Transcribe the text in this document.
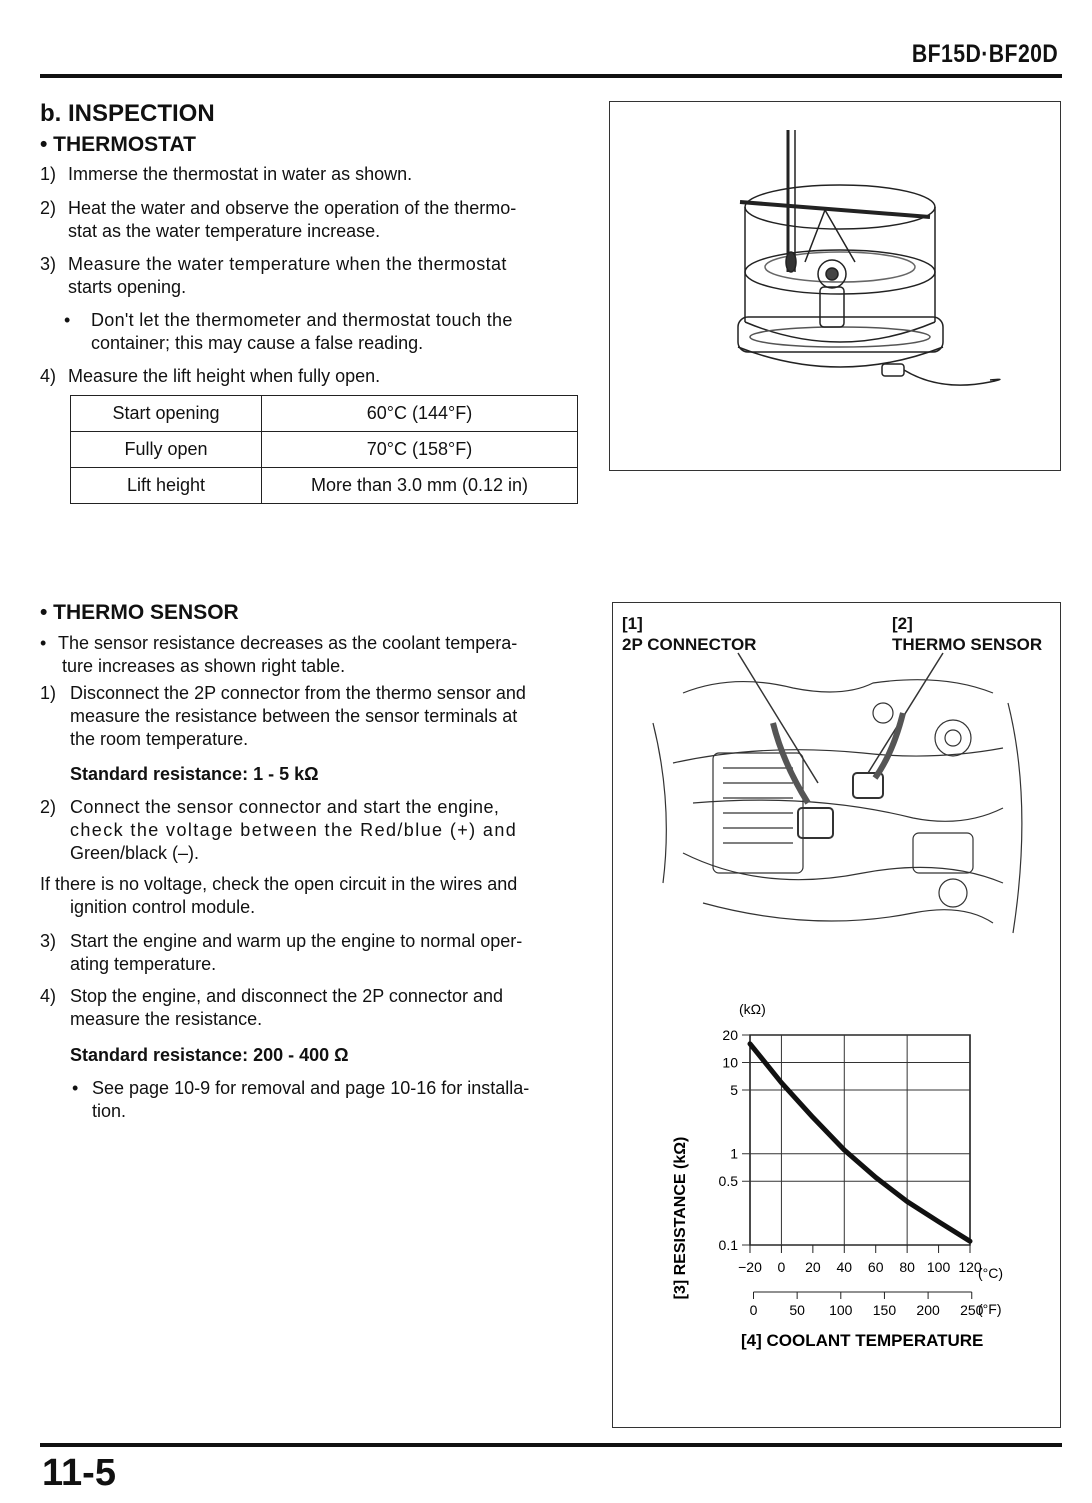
BF15D·BF20D
b. INSPECTION
• THERMOSTAT
1) Immerse the thermostat in water as shown.
2) Heat the water and observe the operation of the thermo-
stat as the water temperature increase.
3) Measure the water temperature when the thermostat
starts opening.
• Don't let the thermometer and thermostat touch the
container; this may cause a false reading.
4) Measure the lift height when fully open.
Start opening	60°C (144°F)
Fully open	70°C (158°F)
Lift height	More than 3.0 mm (0.12 in)
• THERMO SENSOR
• The sensor resistance decreases as the coolant tempera-
ture increases as shown right table.
1) Disconnect the 2P connector from the thermo sensor and
measure the resistance between the sensor terminals at
the room temperature.
Standard resistance: 1 - 5 kΩ
2) Connect the sensor connector and start the engine,
check the voltage between the Red/blue (+) and
Green/black (–).
If there is no voltage, check the open circuit in the wires and
ignition control module.
3) Start the engine and warm up the engine to normal oper-
ating temperature.
4) Stop the engine, and disconnect the 2P connector and
measure the resistance.
Standard resistance: 200 - 400 Ω
• See page 10-9 for removal and page 10-16 for installa-
tion.
[1]
2P CONNECTOR
[2]
THERMO SENSOR
20
10
5
1
0.5
0.1
−20 0 20 40 60 80 100 120
0 50 100 150 200 250
(kΩ)
[3] RESISTANCE (kΩ)	(°C)
(°F)
[4] COOLANT TEMPERATURE
11-5
